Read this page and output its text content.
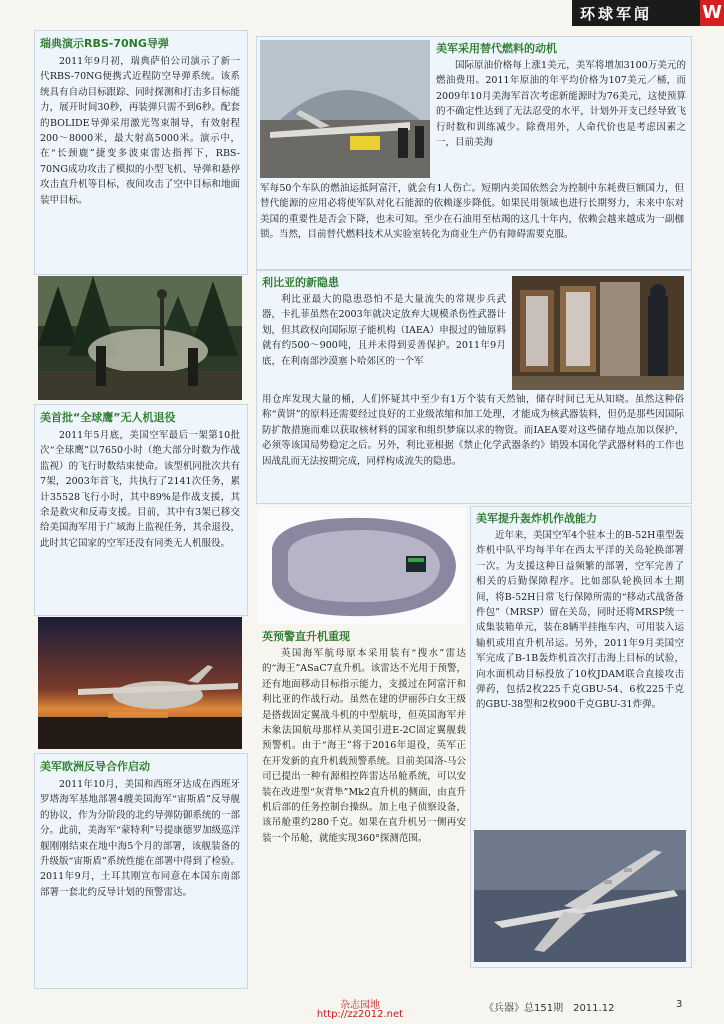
环球军闻	W
瑞典演示RBS-70NG导弹

2011年9月初，瑞典萨伯公司演示了新一代RBS-70NG便携式近程防空导弹系统。该系统具有自动目标跟踪、同时探测和打击多目标能力，展开时间30秒，再装弹只需不到6秒。配套的BOLIDE导弹采用激光驾束制导，有效射程200～8000米，最大射高5000米。演示中，在“长颈鹿”捷变多波束雷达指挥下，RBS-70NG成功攻击了模拟的小型飞机、导弹和悬停攻击直升机等目标，夜间攻击了空中目标和地面装甲目标。

美首批“全球鹰”无人机退役

2011年5月底，美国空军最后一架第10批次“全球鹰”以7650小时（绝大部分时数为作战监视）的飞行时数结束使命。该型机同批次共有7架，2003年首飞，共执行了2141次任务，累计35528飞行小时，其中89%是作战支援，其余是救灾和反毒支援。目前，其中有3架已移交给美国海军用于广域海上监视任务，其余退役，此时其它国家的空军还没有同类无人机服役。

美军欧洲反导合作启动

2011年10月，美国和西班牙达成在西班牙罗塔海军基地部署4艘美国海军“宙斯盾”反导舰的协议，作为分阶段的北约导弹防御系统的一部分。此前，美海军“蒙特利”号提康德罗加级巡洋舰刚刚结束在地中海5个月的部署，该舰装备的升级版“宙斯盾”系统性能在部署中得到了检验。2011年9月，土耳其刚宣布同意在本国东南部部署一套北约反导计划的预警雷达。

美军采用替代燃料的动机

国际原油价格每上涨1美元，美军将增加3100万美元的燃油费用。2011年原油的年平均价格为107美元／桶，而2009年10月美海军首次考虑新能源时为76美元，这使预算的不确定性达到了无法忍受的水平，计划外开支已经导致飞行时数和训练减少。除费用外，人命代价也是考虑因素之一，目前美海

军每50个车队的燃油运抵阿富汗，就会有1人伤亡。短期内美国依然会为控制中东耗费巨额国力，但替代能源的应用必将使军队对化石能源的依赖逐步降低。如果民用领域也进行长期努力，未来中东对美国的重要性是否会下降，也未可知。至少在石油用至枯竭的这几十年内，依赖会越来越成为一副枷锁。当然，目前替代燃料技术从实验室转化为商业生产仍有障碍需要克服。

利比亚的新隐患

利比亚最大的隐患恐怕不是大量流失的常规步兵武器，卡扎菲虽然在2003年就决定放弃大规模杀伤性武器计划，但其政权向国际原子能机构（IAEA）申报过的铀原料就有约500～900吨，且并未得到妥善保护。2011年9月底，在利南部沙漠塞卜哈郊区的一个军

用仓库发现大量的桶，人们怀疑其中至少有1万个装有天然铀，储存时间已无从知晓。虽然这种俗称“黄饼”的原料还需要经过良好的工业级浓缩和加工处理，才能成为核武器装料，但仍是那些因国际防扩散措施而难以获取核材料的国家和组织梦寐以求的物资。而IAEA要对这些储存地点加以保护，必须等该国局势稳定之后。另外，利比亚根据《禁止化学武器条约》销毁本国化学武器材料的工作也因战乱而无法按期完成，同样构成流失的隐患。

英预警直升机重现

英国海军航母原本采用装有“搜水”雷达的“海王”ASaC7直升机。该雷达不光用于预警，还有地面移动目标指示能力，支援过在阿富汗和利比亚的作战行动。虽然在建的伊丽莎白女王级是搭载固定翼战斗机的中型航母，但英国海军并未象法国航母那样从美国引进E-2C固定翼舰载预警机。由于“海王”将于2016年退役，英军正在开发新的直升机载预警系统。目前美国洛-马公司已提出一种有源相控阵雷达吊舱系统，可以安装在改进型“灰背隼”Mk2直升机的侧面，由直升机后部的任务控制台操纵。加上电子侦察设备，该吊舱重约280千克。如果在直升机另一侧再安装一个吊舱，就能实现360°探测范围。

美军提升轰炸机作战能力

近年来，美国空军4个驻本土的B-52H重型轰炸机中队平均每半年在西太平洋的关岛轮换部署一次。为支援这种日益频繁的部署，空军完善了相关的后勤保障程序。比如部队轮换回本土期间，将B-52H日常飞行保障所需的“移动式战备备件包”（MRSP）留在关岛，同时还将MRSP统一成集装箱单元，装在8辆半挂拖车内，可用装入运输机或用直升机吊运。另外，2011年9月美国空军完成了B-1B轰炸机首次打击海上目标的试验，向水面机动目标投放了10枚JDAM联合直接攻击弹药，包括2枚225千克GBU-54、6枚225千克的GBU-38型和2枚900千克GBU-31炸弹。

《兵器》总151期　2011.12	3
杂志园地
http://zz2012.net
